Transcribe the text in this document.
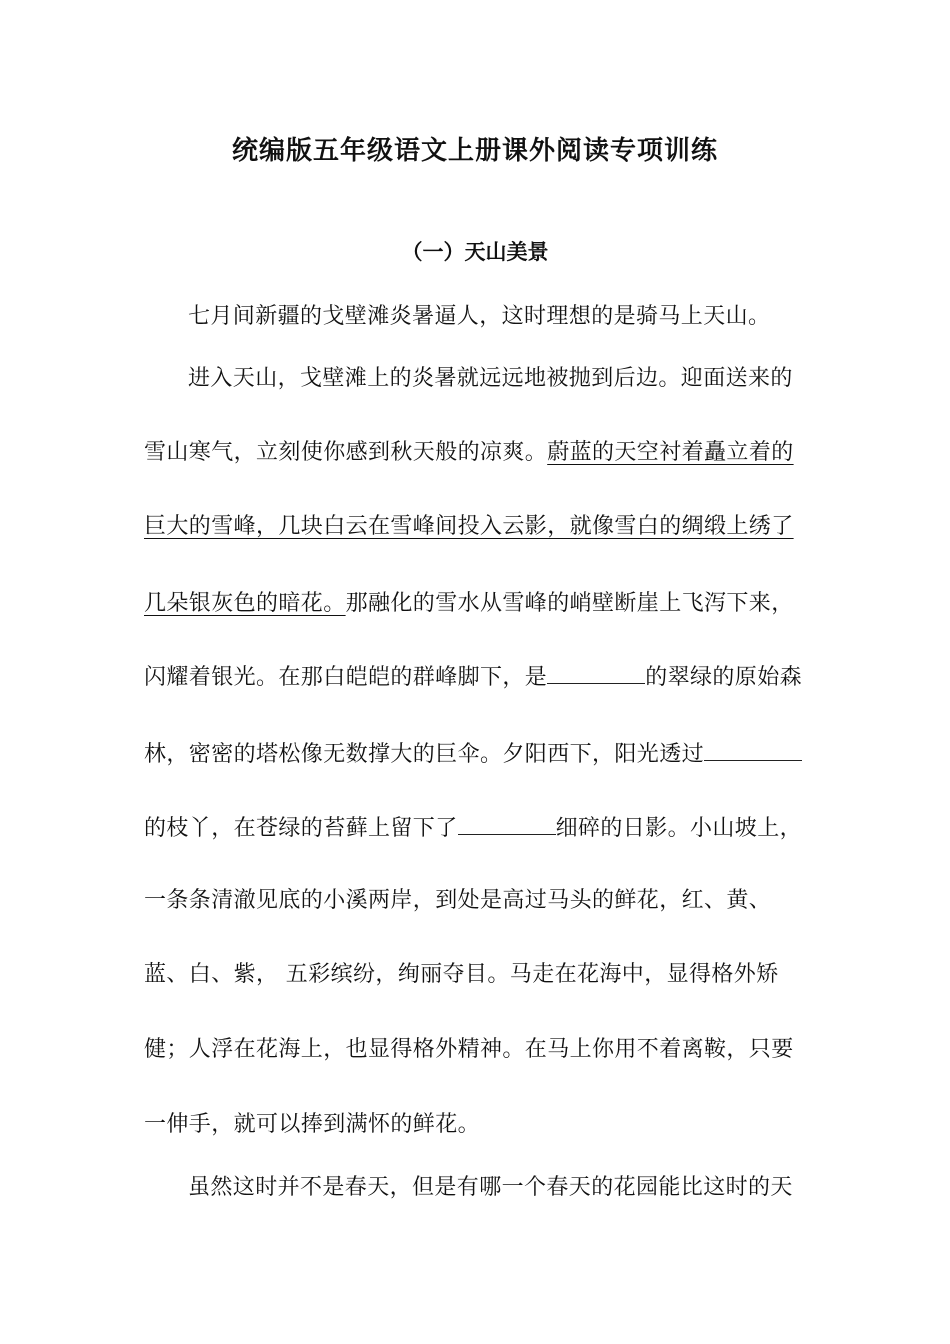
统编版五年级语文上册课外阅读专项训练
（一）天山美景
七月间新疆的戈壁滩炎暑逼人，这时理想的是骑马上天山。
进入天山，戈壁滩上的炎暑就远远地被抛到后边。迎面送来的
雪山寒气，立刻使你感到秋天般的凉爽。蔚蓝的天空衬着矗立着的
巨大的雪峰，几块白云在雪峰间投入云影，就像雪白的绸缎上绣了
几朵银灰色的暗花。那融化的雪水从雪峰的峭壁断崖上飞泻下来，
闪耀着银光。在那白皑皑的群峰脚下，是	的翠绿的原始森
林，密密的塔松像无数撑大的巨伞。夕阳西下，阳光透过
的枝丫，在苍绿的苔藓上留下了	细碎的日影。小山坡上，
一条条清澈见底的小溪两岸，到处是高过马头的鲜花，红、黄、
蓝、白、紫， 五彩缤纷，绚丽夺目。马走在花海中，显得格外矫
健；人浮在花海上，也显得格外精神。在马上你用不着离鞍，只要
一伸手，就可以捧到满怀的鲜花。
虽然这时并不是春天，但是有哪一个春天的花园能比这时的天
